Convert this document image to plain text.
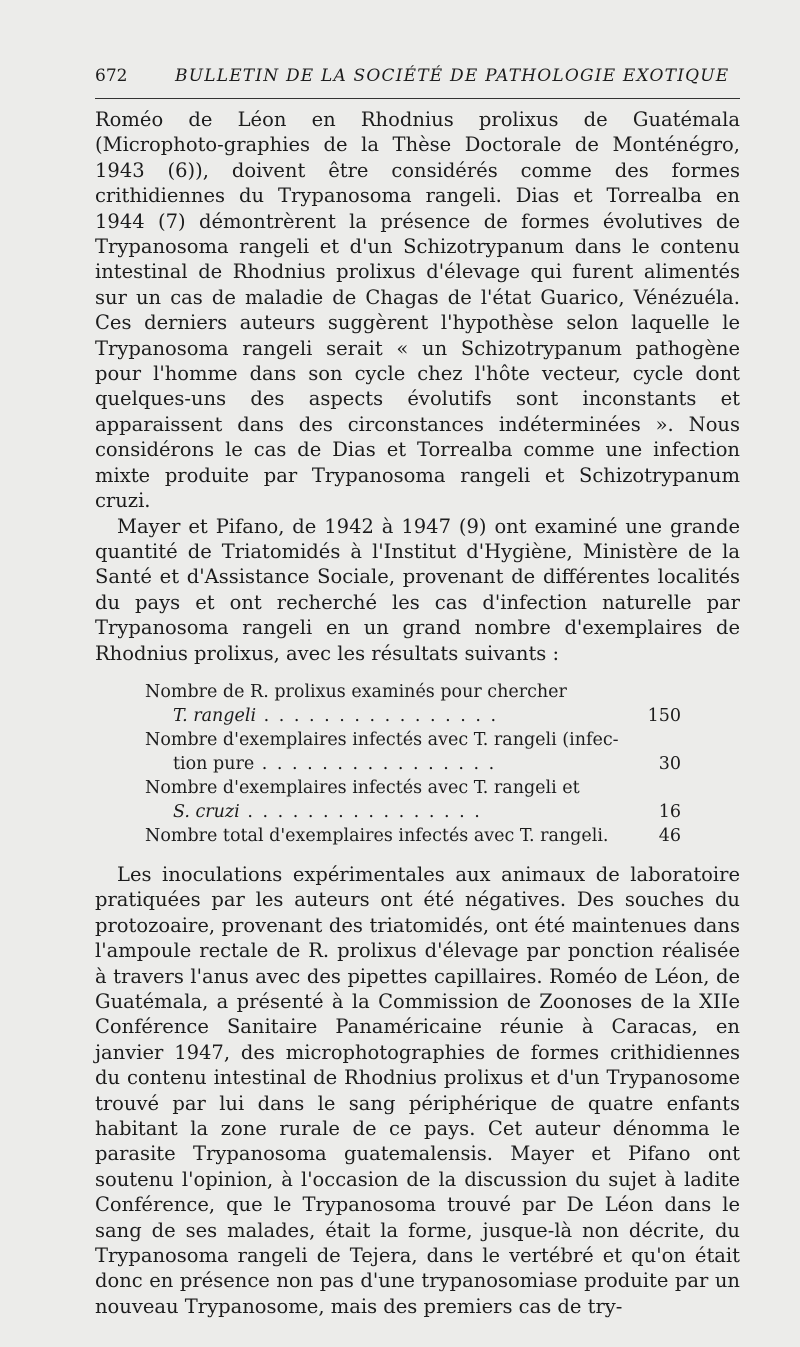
672	BULLETIN DE LA SOCIÉTÉ DE PATHOLOGIE EXOTIQUE

Roméo de Léon en Rhodnius prolixus de Guatémala (Microphoto-graphies de la Thèse Doctorale de Monténégro, 1943 (6)), doivent être considérés comme des formes crithidiennes du Trypanosoma rangeli. Dias et Torrealba en 1944 (7) démontrèrent la présence de formes évolutives de Trypanosoma rangeli et d'un Schizotrypanum dans le contenu intestinal de Rhodnius prolixus d'élevage qui furent alimentés sur un cas de maladie de Chagas de l'état Guarico, Vénézuéla. Ces derniers auteurs suggèrent l'hypothèse selon laquelle le Trypanosoma rangeli serait « un Schizotrypanum pathogène pour l'homme dans son cycle chez l'hôte vecteur, cycle dont quelques-uns des aspects évolutifs sont inconstants et apparaissent dans des circonstances indéterminées ». Nous considérons le cas de Dias et Torrealba comme une infection mixte produite par Trypanosoma rangeli et Schizotrypanum cruzi.

Mayer et Pifano, de 1942 à 1947 (9) ont examiné une grande quantité de Triatomidés à l'Institut d'Hygiène, Ministère de la Santé et d'Assistance Sociale, provenant de différentes localités du pays et ont recherché les cas d'infection naturelle par Trypanosoma rangeli en un grand nombre d'exemplaires de Rhodnius prolixus, avec les résultats suivants :

Nombre de R. prolixus examinés pour chercher
T. rangeli . . .	150
Nombre d'exemplaires infectés avec T. rangeli (infec-
tion pure . . .	30
Nombre d'exemplaires infectés avec T. rangeli et
S. cruzi . . .	16
Nombre total d'exemplaires infectés avec T. rangeli.	46

Les inoculations expérimentales aux animaux de laboratoire pratiquées par les auteurs ont été négatives. Des souches du protozoaire, provenant des triatomidés, ont été maintenues dans l'ampoule rectale de R. prolixus d'élevage par ponction réalisée à travers l'anus avec des pipettes capillaires. Roméo de Léon, de Guatémala, a présenté à la Commission de Zoonoses de la XIIe Conférence Sanitaire Panaméricaine réunie à Caracas, en janvier 1947, des microphotographies de formes crithidiennes du contenu intestinal de Rhodnius prolixus et d'un Trypanosome trouvé par lui dans le sang périphérique de quatre enfants habitant la zone rurale de ce pays. Cet auteur dénomma le parasite Trypanosoma guatemalensis. Mayer et Pifano ont soutenu l'opinion, à l'occasion de la discussion du sujet à ladite Conférence, que le Trypanosoma trouvé par De Léon dans le sang de ses malades, était la forme, jusque-là non décrite, du Trypanosoma rangeli de Tejera, dans le vertébré et qu'on était donc en présence non pas d'une trypanosomiase produite par un nouveau Trypanosome, mais des premiers cas de try-
